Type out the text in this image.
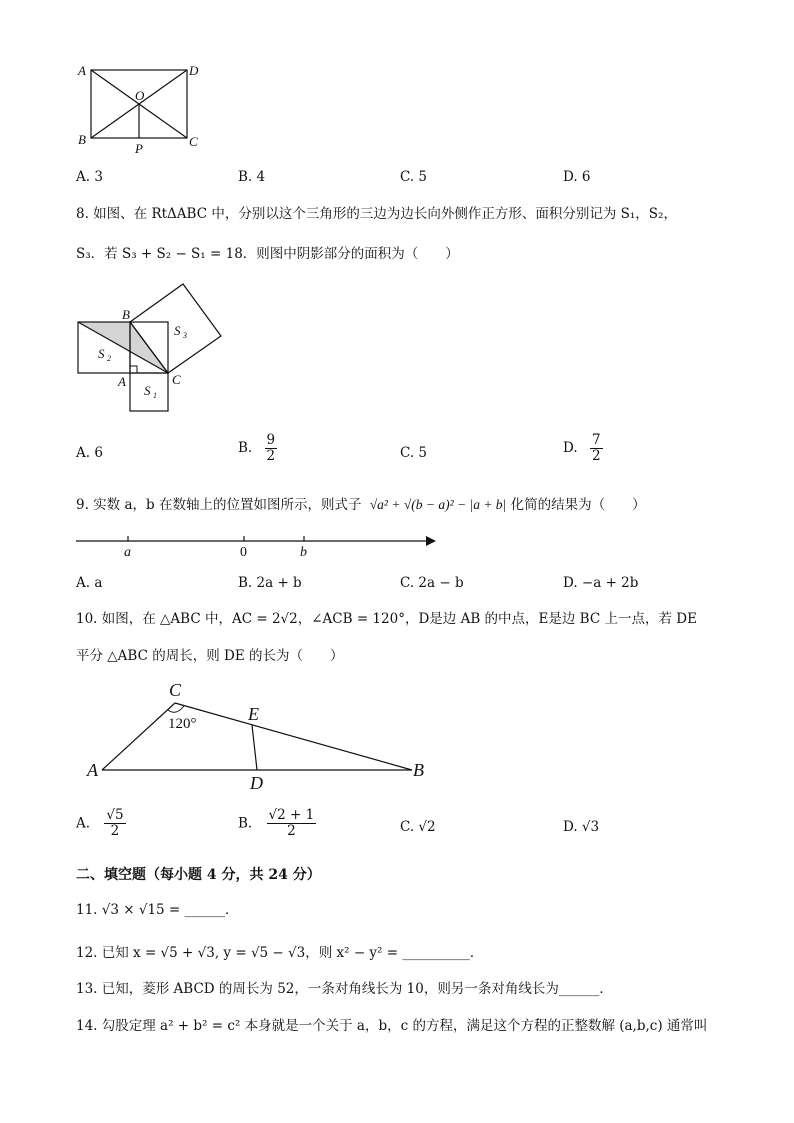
A	D
O
B
P	C
A. 3	B. 4	C. 5	D. 6
8. 如图、在 RtΔABC 中，分别以这个三角形的三边为边长向外侧作正方形、面积分别记为 S₁，S₂，
S₃．若 S₃ + S₂ − S₁ = 18．则图中阴影部分的面积为（　　）
B
S 2
S 3
A	C
S 1
A. 6	B. $\frac{9}{2}$	C. 5	D. $\frac{7}{2}$
9. 实数 a，b 在数轴上的位置如图所示，则式子 √a² + √(b − a)² − |a + b| 化简的结果为（　　）
a	0	b
A. a	B. 2a + b	C. 2a − b	D. −a + 2b
10. 如图，在 △ABC 中，AC = 2√2，∠ACB = 120°，D是边 AB 的中点，E是边 BC 上一点，若 DE
平分 △ABC 的周长，则 DE 的长为（　　）
C
120°	E
A
D
B
A. $\frac{√5}{2}$	B. $\frac{√2 + 1}{2}$	C. √2	D. √3
二、填空题（每小题 4 分，共 24 分）
11. √3 × √15 = ______．
12. 已知 x = √5 + √3, y = √5 − √3，则 x² − y² = __________．
13. 已知，菱形 ABCD 的周长为 52，一条对角线长为 10，则另一条对角线长为______．
14. 勾股定理 a² + b² = c² 本身就是一个关于 a，b，c 的方程，满足这个方程的正整数解 (a,b,c) 通常叫
